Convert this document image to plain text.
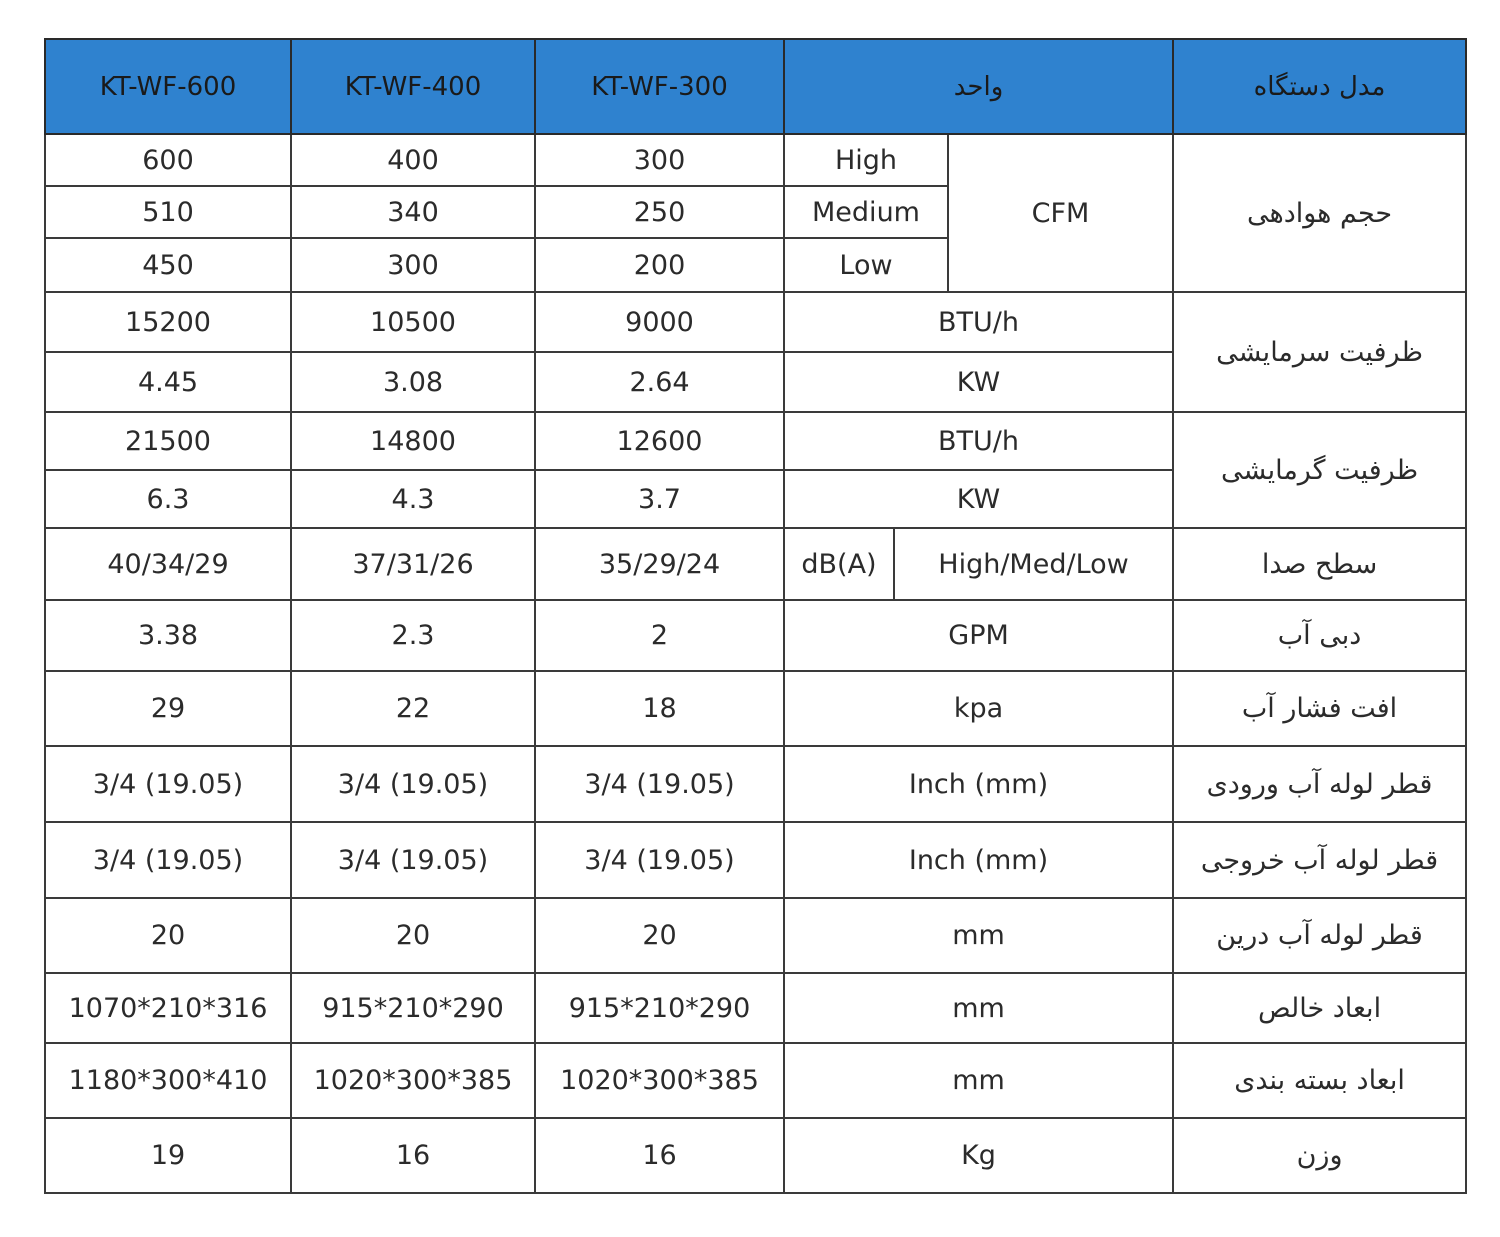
KT-WF-600	KT-WF-400	KT-WF-300	واحد			مدل دستگاه
600	400	300	High		CFM	حجم هوادهی
510	340	250	Medium			
450	300	200	Low			
15200	10500	9000	BTU/h			ظرفیت سرمایشی
4.45	3.08	2.64	KW			
21500	14800	12600	BTU/h			ظرفیت گرمایشی
6.3	4.3	3.7	KW			
40/34/29	37/31/26	35/29/24	dB(A)	High/Med/Low		سطح صدا
3.38	2.3	2	GPM			دبی آب
29	22	18	kpa			افت فشار آب
3/4 (19.05)	3/4 (19.05)	3/4 (19.05)	Inch (mm)			قطر لوله آب ورودی
3/4 (19.05)	3/4 (19.05)	3/4 (19.05)	Inch (mm)			قطر لوله آب خروجی
20	20	20	mm			قطر لوله آب درین
1070*210*316	915*210*290	915*210*290	mm			ابعاد خالص
1180*300*410	1020*300*385	1020*300*385	mm			ابعاد بسته بندی
19	16	16	Kg			وزن
